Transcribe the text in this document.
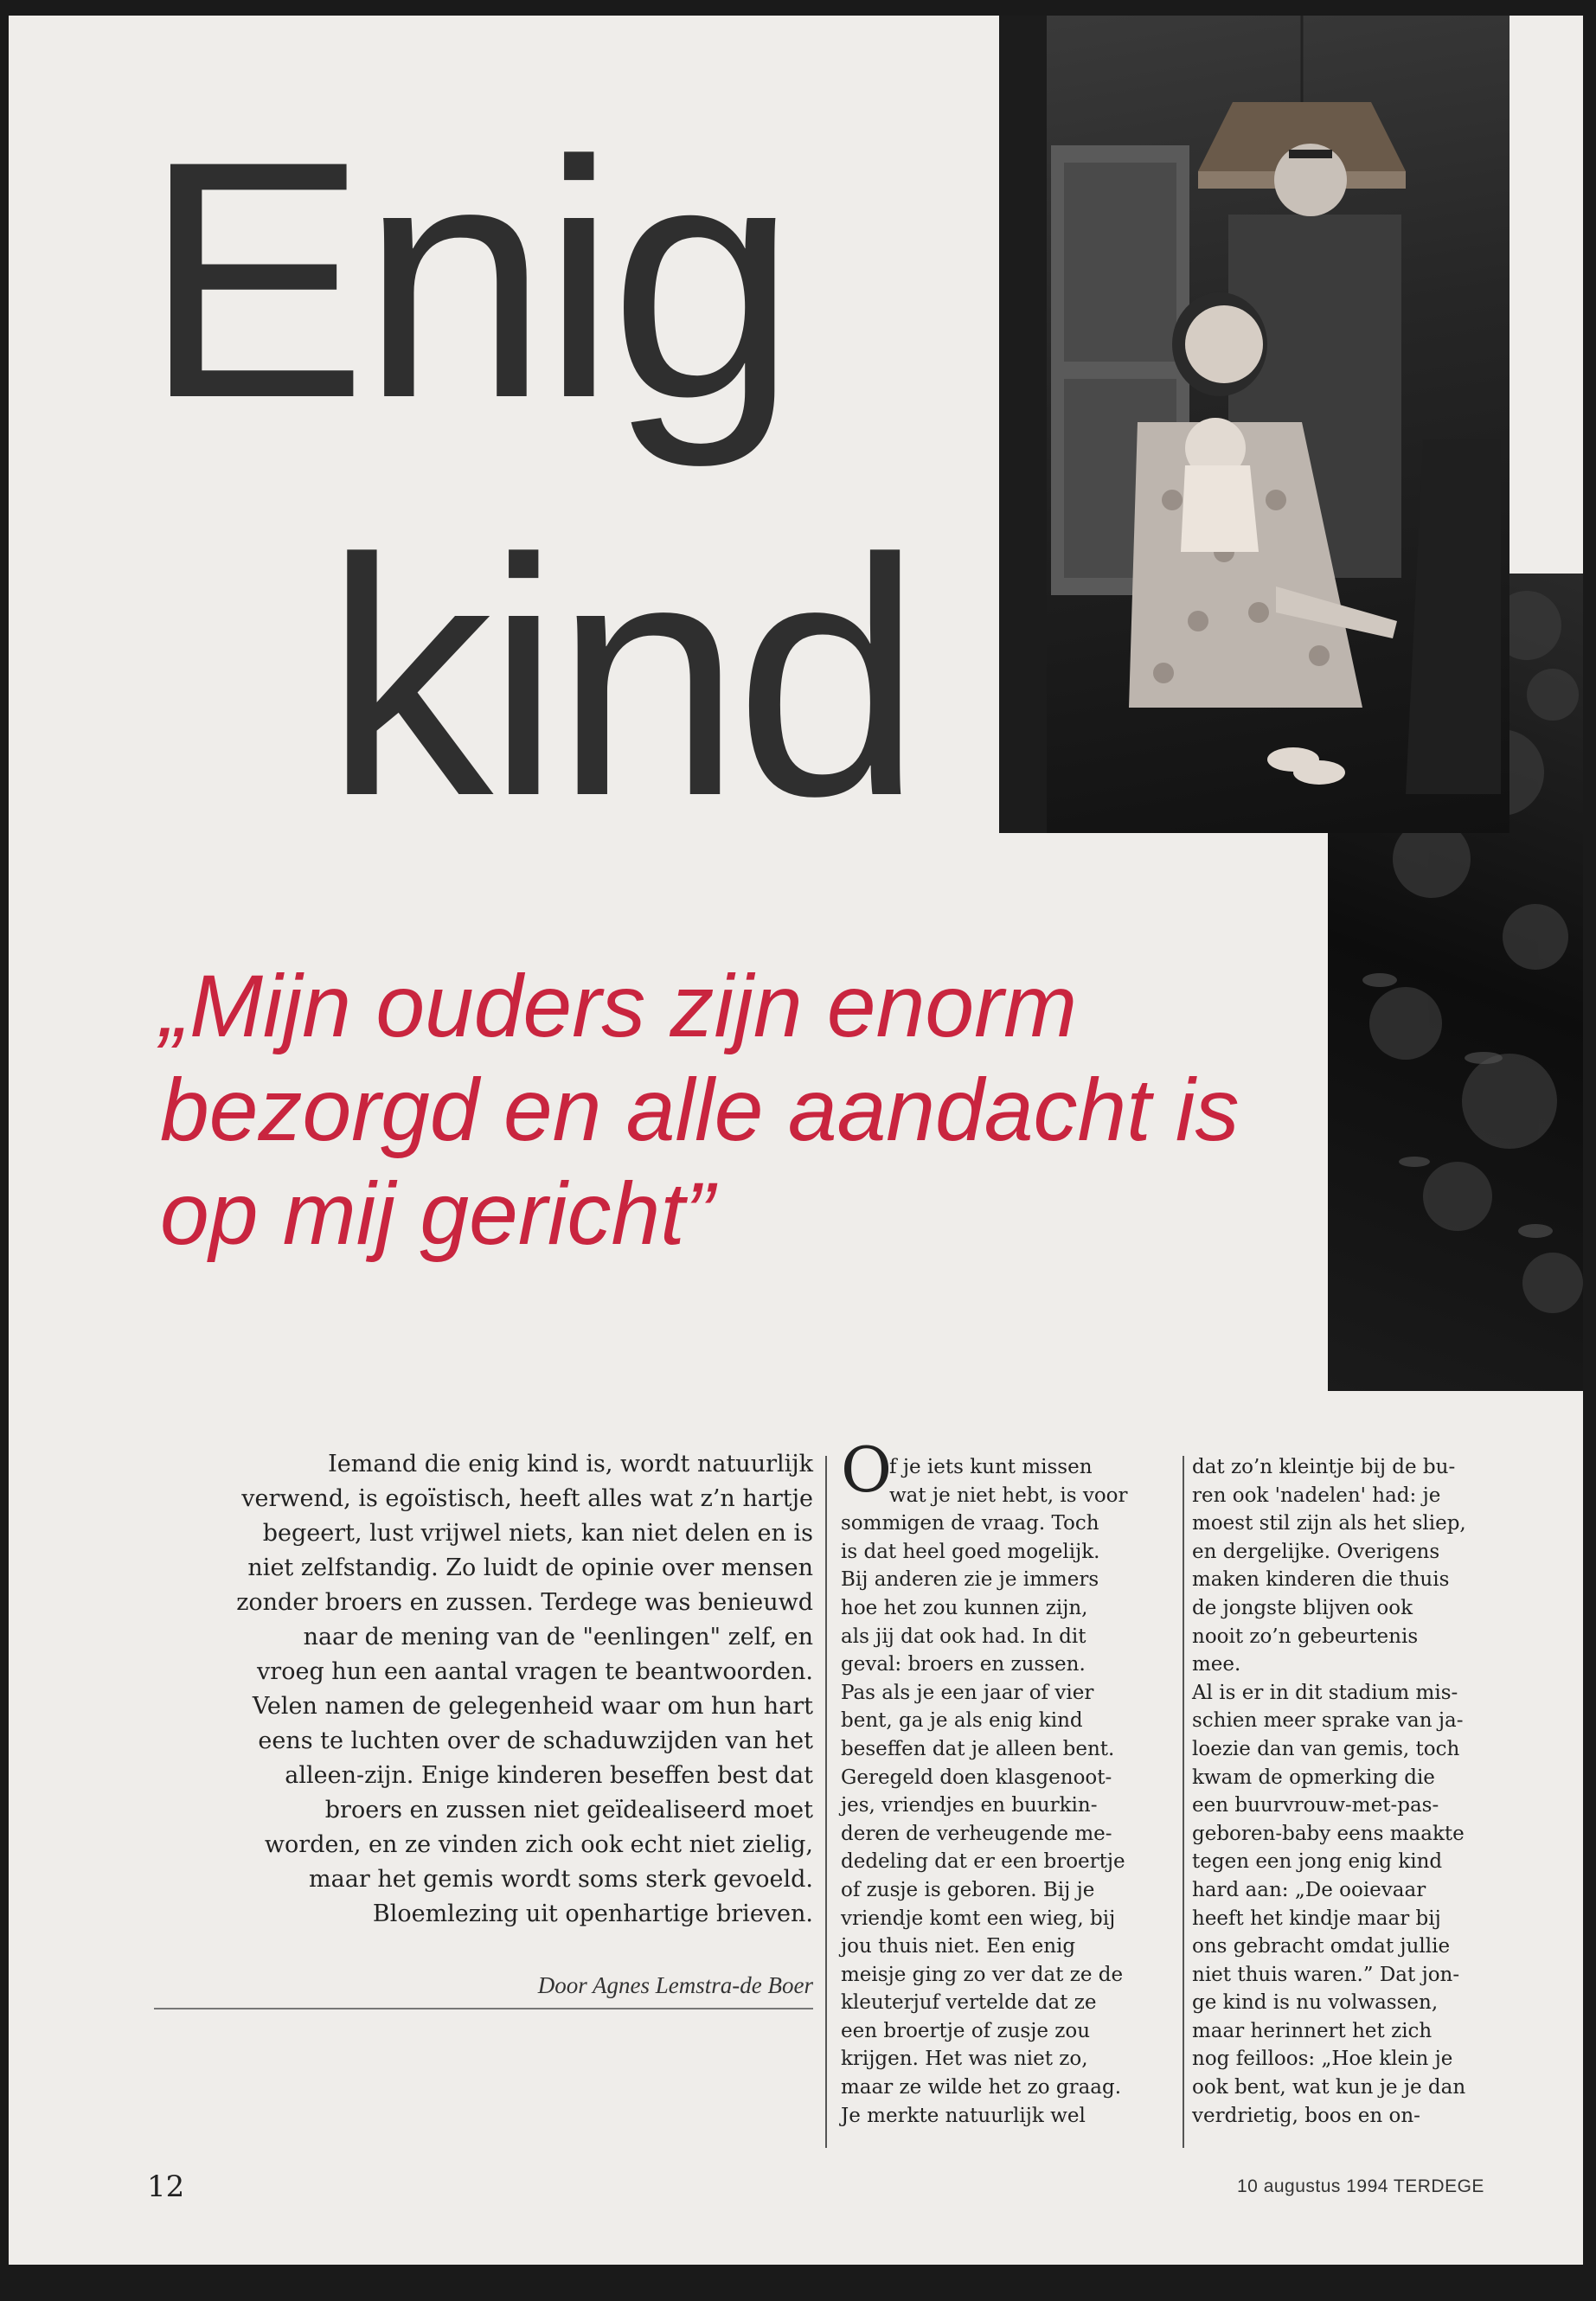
Enig
kind
„Mijn ouders zijn enorm bezorgd en alle aandacht is op mij gericht”
Iemand die enig kind is, wordt natuurlijk
verwend, is egoïstisch, heeft alles wat z’n hartje
begeert, lust vrijwel niets, kan niet delen en is
niet zelfstandig. Zo luidt de opinie over mensen
zonder broers en zussen. Terdege was benieuwd
naar de mening van de "eenlingen" zelf, en
vroeg hun een aantal vragen te beantwoorden.
Velen namen de gelegenheid waar om hun hart
eens te luchten over de schaduwzijden van het
alleen-zijn. Enige kinderen beseffen best dat
broers en zussen niet geïdealiseerd moet
worden, en ze vinden zich ook echt niet zielig,
maar het gemis wordt soms sterk gevoeld.
Bloemlezing uit openhartige brieven.
Door Agnes Lemstra-de Boer
O
f je iets kunt missen
wat je niet hebt, is voor
sommigen de vraag. Toch
is dat heel goed mogelijk.
Bij anderen zie je immers
hoe het zou kunnen zijn,
als jij dat ook had. In dit
geval: broers en zussen.
Pas als je een jaar of vier
bent, ga je als enig kind
beseffen dat je alleen bent.
Geregeld doen klasgenoot-
jes, vriendjes en buurkin-
deren de verheugende me-
dedeling dat er een broertje
of zusje is geboren. Bij je
vriendje komt een wieg, bij
jou thuis niet. Een enig
meisje ging zo ver dat ze de
kleuterjuf vertelde dat ze
een broertje of zusje zou
krijgen. Het was niet zo,
maar ze wilde het zo graag.
Je merkte natuurlijk wel
dat zo’n kleintje bij de bu-
ren ook 'nadelen' had: je
moest stil zijn als het sliep,
en dergelijke. Overigens
maken kinderen die thuis
de jongste blijven ook
nooit zo’n gebeurtenis
mee.
Al is er in dit stadium mis-
schien meer sprake van ja-
loezie dan van gemis, toch
kwam de opmerking die
een buurvrouw-met-pas-
geboren-baby eens maakte
tegen een jong enig kind
hard aan: „De ooievaar
heeft het kindje maar bij
ons gebracht omdat jullie
niet thuis waren.” Dat jon-
ge kind is nu volwassen,
maar herinnert het zich
nog feilloos: „Hoe klein je
ook bent, wat kun je je dan
verdrietig, boos en on-
12	10 augustus 1994 TERDEGE
